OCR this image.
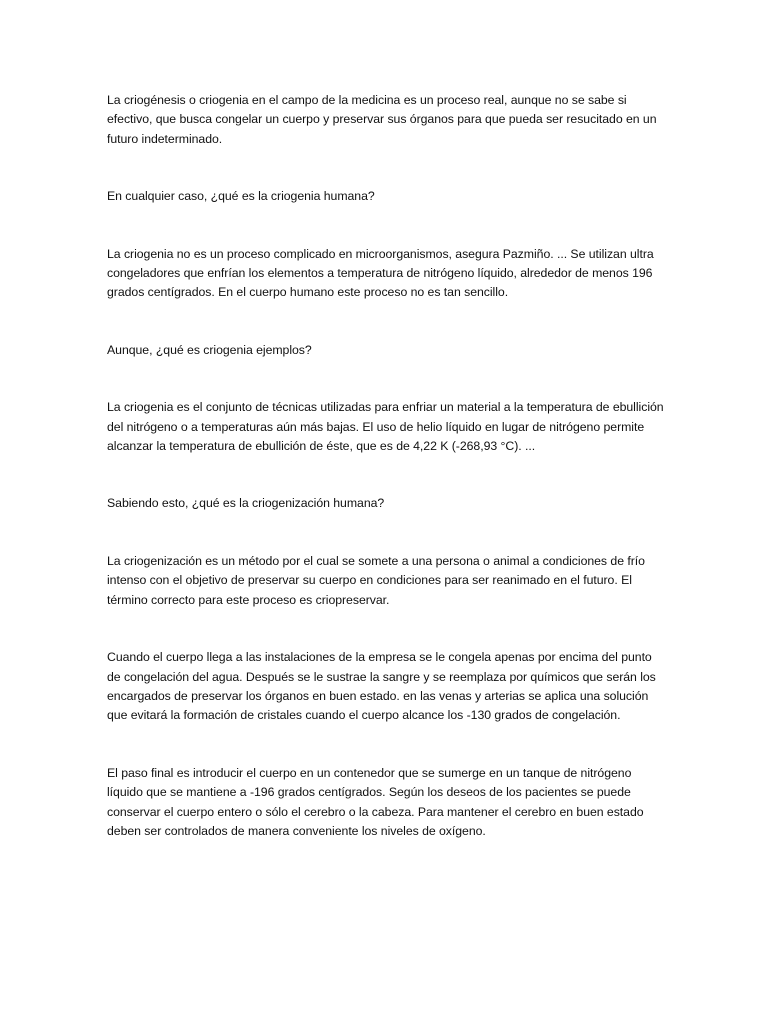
La criogénesis o criogenia en el campo de la medicina es un proceso real, aunque no se sabe si efectivo, que busca congelar un cuerpo y preservar sus órganos para que pueda ser resucitado en un futuro indeterminado.

En cualquier caso, ¿qué es la criogenia humana?

La criogenia no es un proceso complicado en microorganismos, asegura Pazmiño. ... Se utilizan ultra congeladores que enfrían los elementos a temperatura de nitrógeno líquido, alrededor de menos 196 grados centígrados. En el cuerpo humano este proceso no es tan sencillo.

Aunque, ¿qué es criogenia ejemplos?

La criogenia es el conjunto de técnicas utilizadas para enfriar un material a la temperatura de ebullición del nitrógeno o a temperaturas aún más bajas. El uso de helio líquido en lugar de nitrógeno permite alcanzar la temperatura de ebullición de éste, que es de 4,22 K (-268,93 °C). ...

Sabiendo esto, ¿qué es la criogenización humana?

La criogenización es un método por el cual se somete a una persona o animal a condiciones de frío intenso con el objetivo de preservar su cuerpo en condiciones para ser reanimado en el futuro. El término correcto para este proceso es criopreservar.

Cuando el cuerpo llega a las instalaciones de la empresa se le congela apenas por encima del punto de congelación del agua. Después se le sustrae la sangre y se reemplaza por químicos que serán los encargados de preservar los órganos en buen estado. en las venas y arterias se aplica una solución que evitará la formación de cristales cuando el cuerpo alcance los -130 grados de congelación.

El paso final es introducir el cuerpo en un contenedor que se sumerge en un tanque de nitrógeno líquido que se mantiene a -196 grados centígrados. Según los deseos de los pacientes se puede conservar el cuerpo entero o sólo el cerebro o la cabeza. Para mantener el cerebro en buen estado deben ser controlados de manera conveniente los niveles de oxígeno.
